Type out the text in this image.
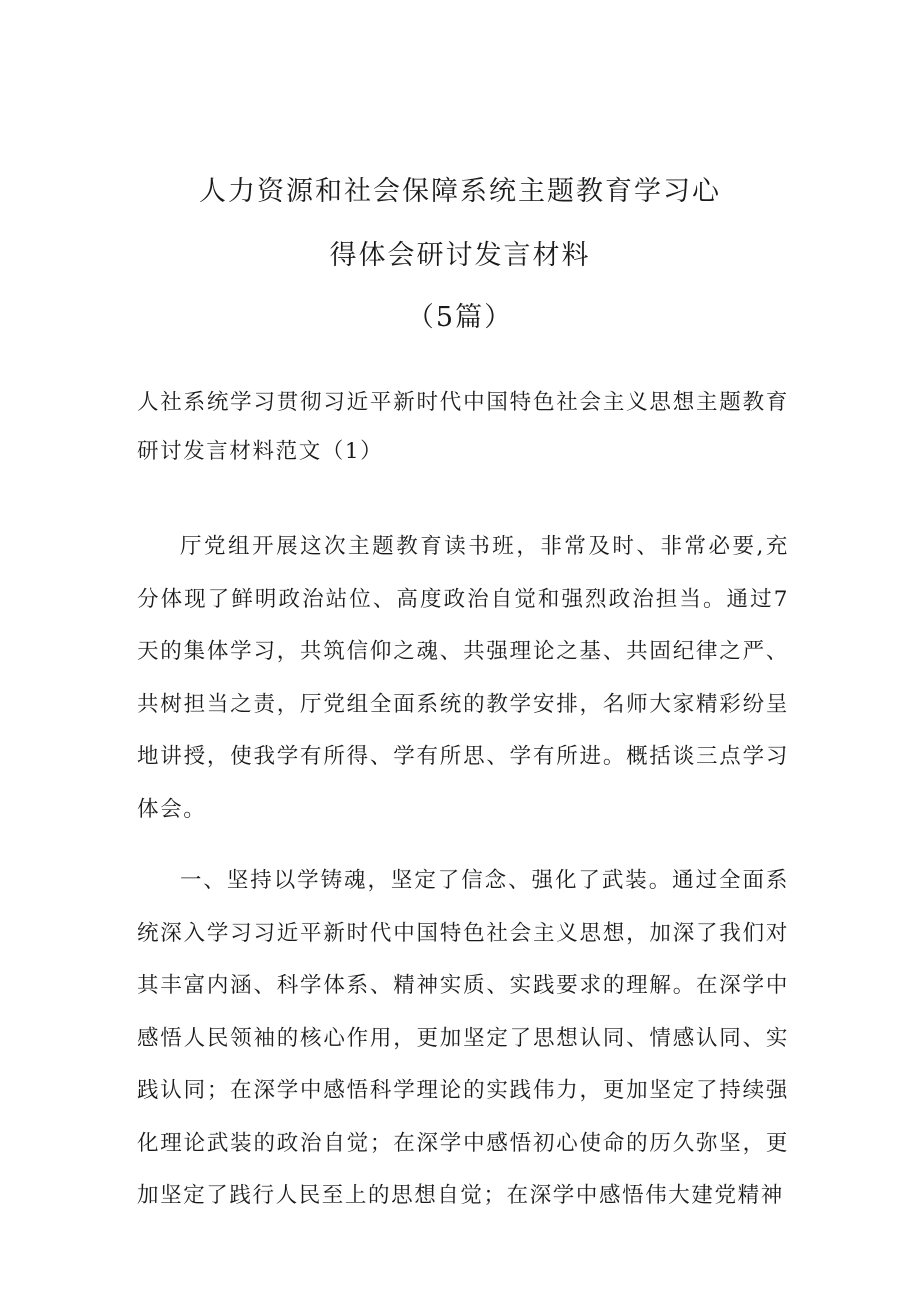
人力资源和社会保障系统主题教育学习心
得体会研讨发言材料
（5篇）
人社系统学习贯彻习近平新时代中国特色社会主义思想主题教育研讨发言材料范文（1）
厅党组开展这次主题教育读书班，非常及时、非常必要,充分体现了鲜明政治站位、高度政治自觉和强烈政治担当。通过7天的集体学习，共筑信仰之魂、共强理论之基、共固纪律之严、共树担当之责，厅党组全面系统的教学安排，名师大家精彩纷呈地讲授，使我学有所得、学有所思、学有所进。概括谈三点学习体会。
一、坚持以学铸魂，坚定了信念、强化了武装。通过全面系统深入学习习近平新时代中国特色社会主义思想，加深了我们对其丰富内涵、科学体系、精神实质、实践要求的理解。在深学中感悟人民领袖的核心作用，更加坚定了思想认同、情感认同、实践认同；在深学中感悟科学理论的实践伟力，更加坚定了持续强化理论武装的政治自觉；在深学中感悟初心使命的历久弥坚，更加坚定了践行人民至上的思想自觉；在深学中感悟伟大建党精神
